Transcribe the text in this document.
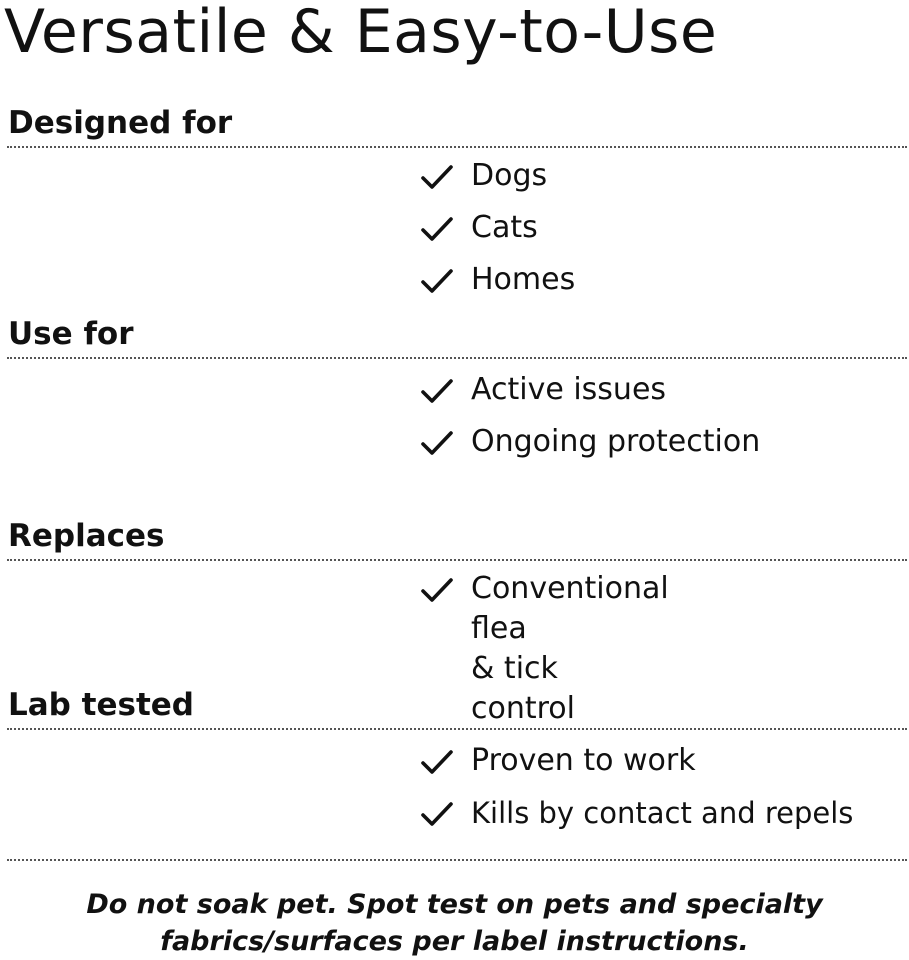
Versatile & Easy-to-Use
Designed for
Dogs
Cats
Homes
Use for
Active issues
Ongoing protection
Replaces
Conventional flea
& tick control
Lab tested
Proven to work
Kills by contact and repels
Do not soak pet. Spot test on pets and specialty
fabrics/surfaces per label instructions.
